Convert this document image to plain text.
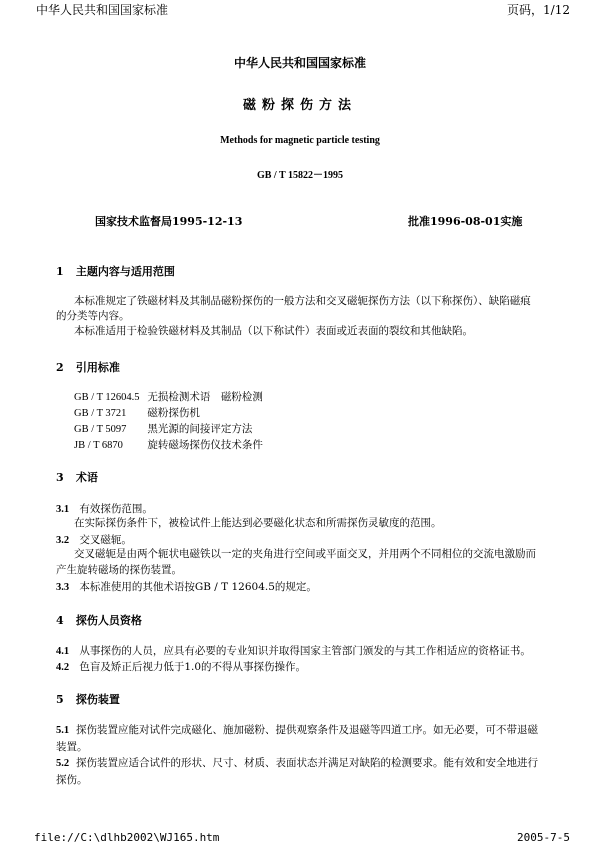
中华人民共和国国家标准	页码，1/12
中华人民共和国国家标准
磁粉探伤方法
Methods for magnetic particle testing
GB / T 15822－1995
国家技术监督局1995-12-13	批准1996-08-01实施
1 主题内容与适用范围
本标准规定了铁磁材料及其制品磁粉探伤的一般方法和交叉磁轭探伤方法（以下称探伤）、缺陷磁痕
的分类等内容。
本标准适用于检验铁磁材料及其制品（以下称试件）表面或近表面的裂纹和其他缺陷。
2 引用标准
GB / T 12604.5 无损检测术语　磁粉检测
GB / T 3721 磁粉探伤机
GB / T 5097 黑光源的间接评定方法
JB / T 6870 旋转磁场探伤仪技术条件
3 术语
3.1 有效探伤范围。
在实际探伤条件下，被检试件上能达到必要磁化状态和所需探伤灵敏度的范围。
3.2 交叉磁轭。
交叉磁轭是由两个轭状电磁铁以一定的夹角进行空间或平面交叉，并用两个不同相位的交流电激励而
产生旋转磁场的探伤装置。
3.3 本标准使用的其他术语按GB / T 12604.5的规定。
4 探伤人员资格
4.1 从事探伤的人员，应具有必要的专业知识并取得国家主管部门颁发的与其工作相适应的资格证书。
4.2 色盲及矫正后视力低于1.0的不得从事探伤操作。
5 探伤装置
5.1 探伤装置应能对试件完成磁化、施加磁粉、提供观察条件及退磁等四道工序。如无必要，可不带退磁装置。
5.2 探伤装置应适合试件的形状、尺寸、材质、表面状态并满足对缺陷的检测要求。能有效和安全地进行探伤。
file://C:\dlhb2002\WJ165.htm	2005-7-5
